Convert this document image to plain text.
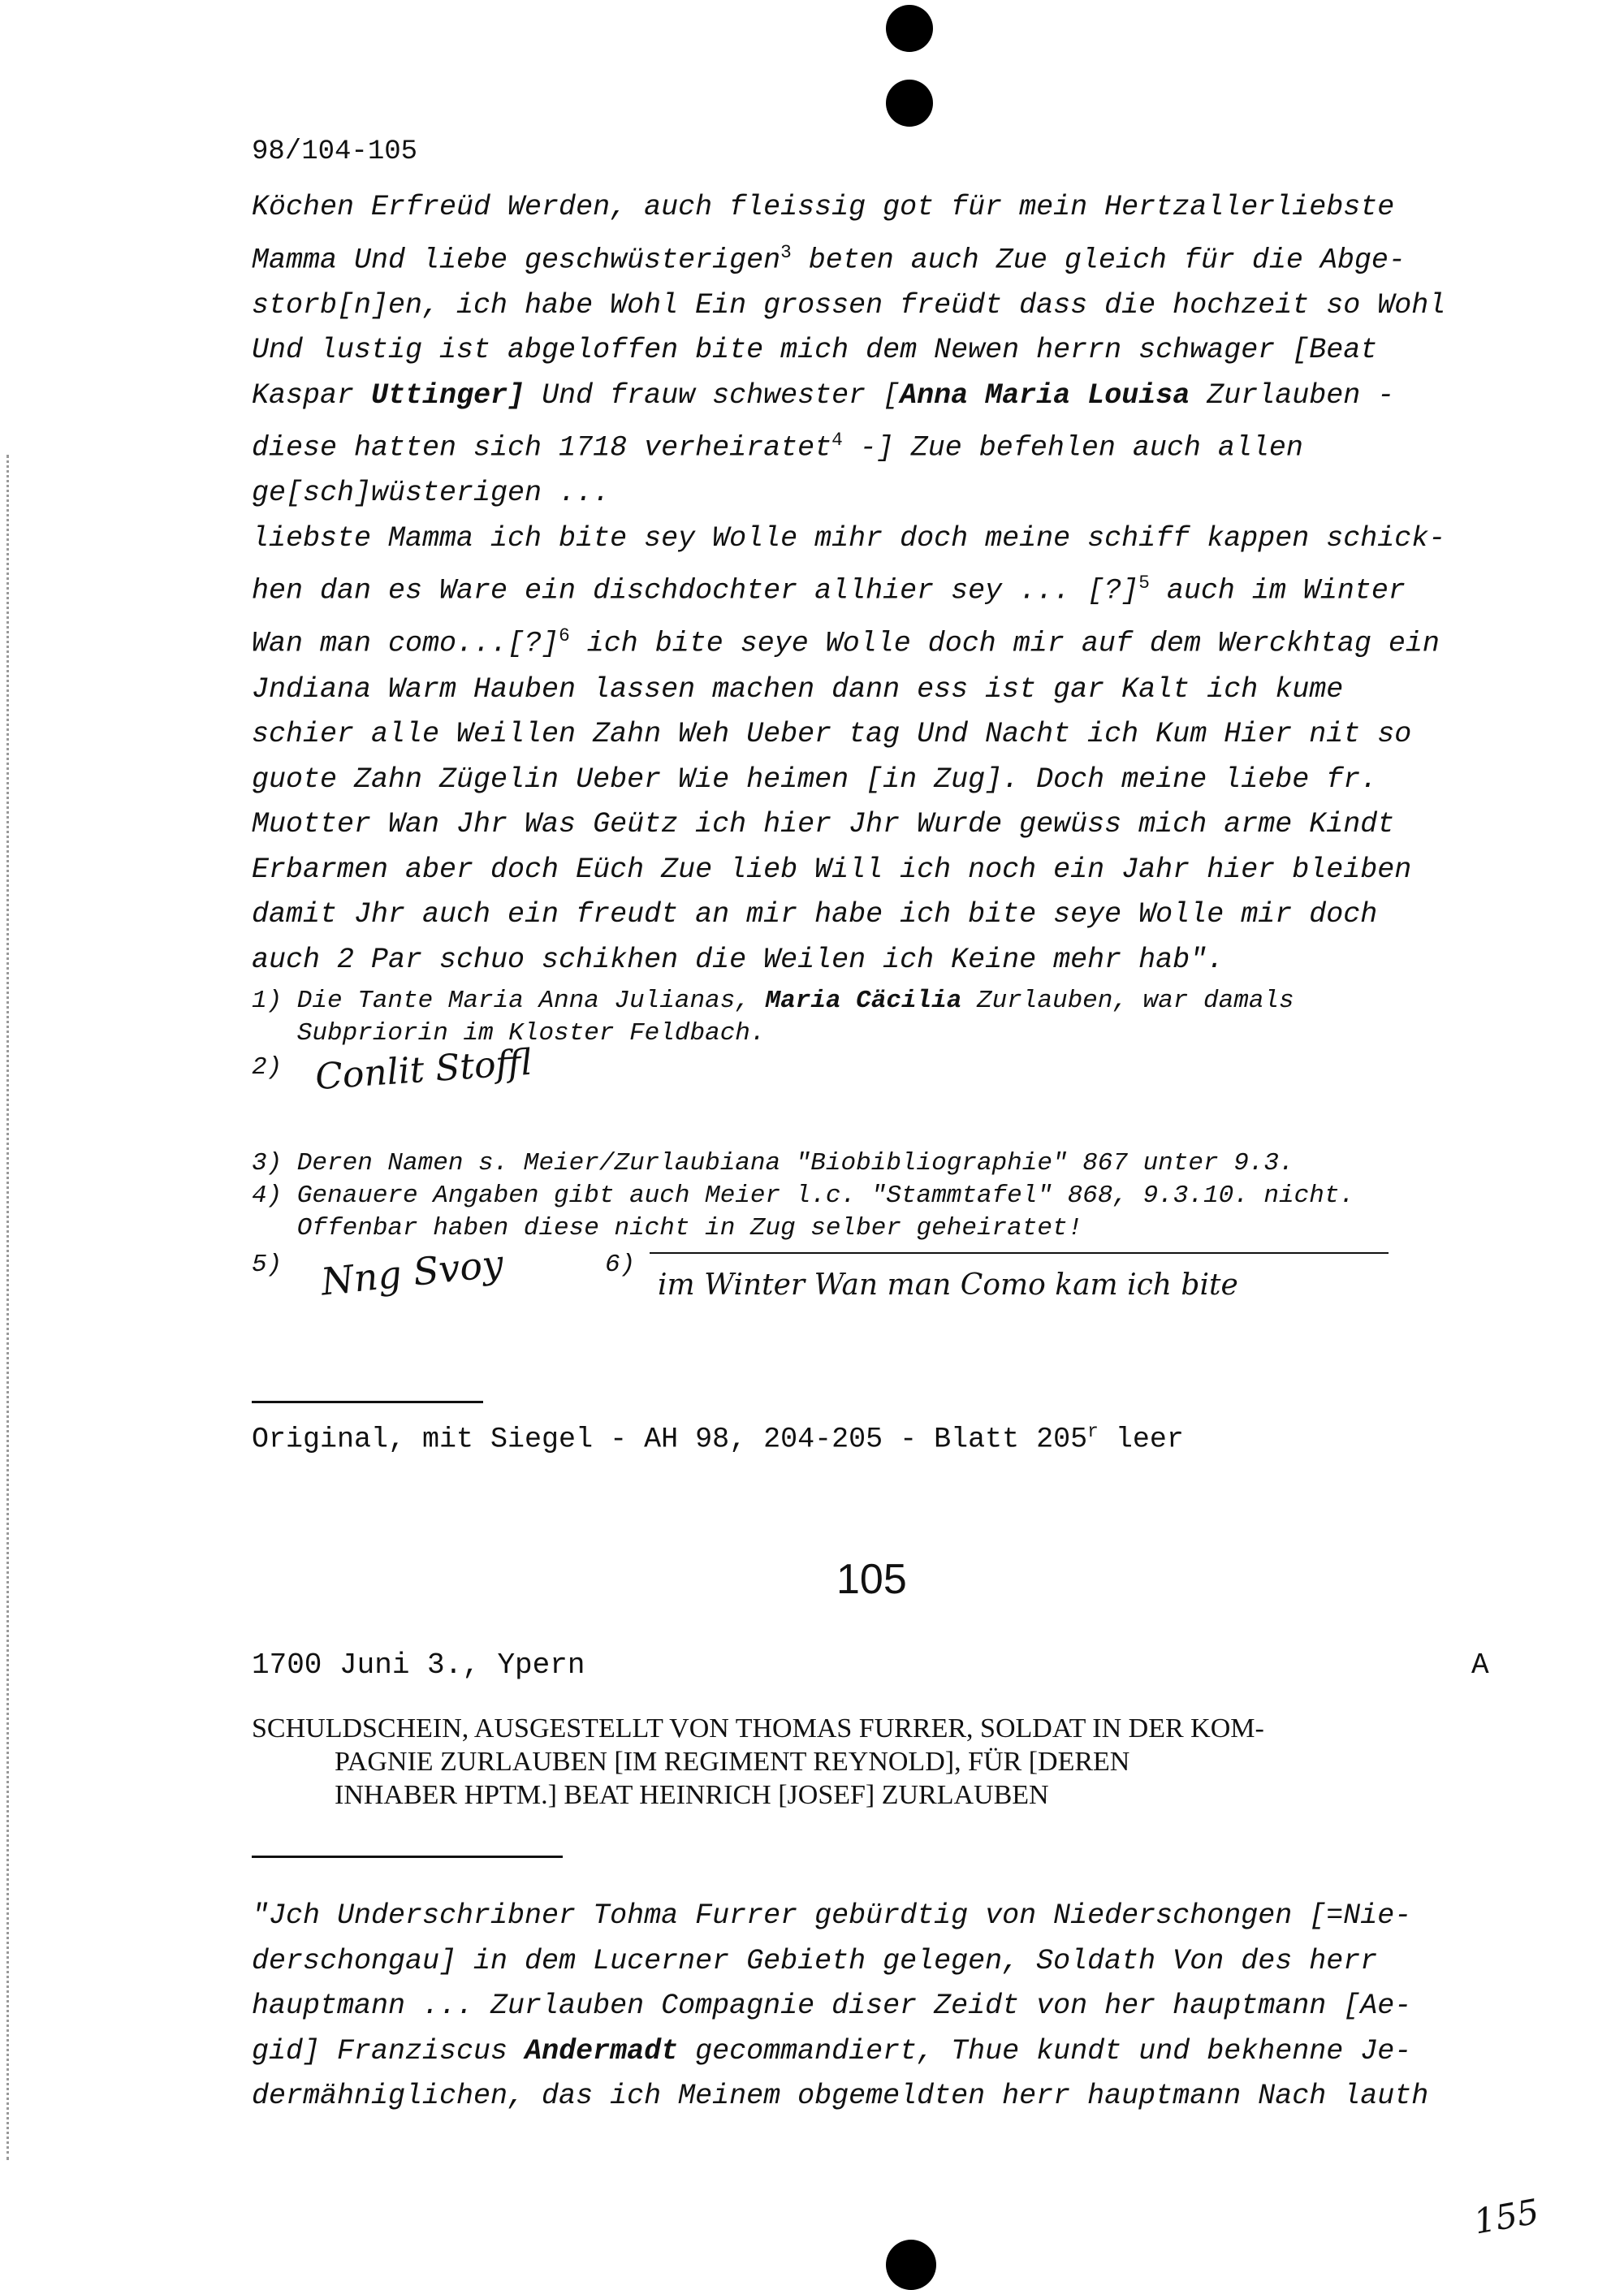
98/104-105
Köchen Erfreüd Werden, auch fleissig got für mein Hertzallerliebste
Mamma Und liebe geschwüsterigen$^3$ beten auch Zue gleich für die Abge-
storb[n]en, ich habe Wohl Ein grossen freüdt dass die hochzeit so Wohl
Und lustig ist abgeloffen bite mich dem Newen herrn schwager [Beat
Kaspar Uttinger] Und frauw schwester [Anna Maria Louisa Zurlauben -
diese hatten sich 1718 verheiratet$^4$ -] Zue befehlen auch allen
ge[sch]wüsterigen ...
liebste Mamma ich bite sey Wolle mihr doch meine schiff kappen schick-
hen dan es Ware ein dischdochter allhier sey ... [?]$^5$ auch im Winter
Wan man como...[?]$^6$ ich bite seye Wolle doch mir auf dem Werckhtag ein
Jndiana Warm Hauben lassen machen dann ess ist gar Kalt ich kume
schier alle Weillen Zahn Weh Ueber tag Und Nacht ich Kum Hier nit so
guote Zahn Zügelin Ueber Wie heimen [in Zug]. Doch meine liebe fr.
Muotter Wan Jhr Was Geütz ich hier Jhr Wurde gewüss mich arme Kindt
Erbarmen aber doch Eüch Zue lieb Will ich noch ein Jahr hier bleiben
damit Jhr auch ein freudt an mir habe ich bite seye Wolle mir doch
auch 2 Par schuo schikhen die Weilen ich Keine mehr hab".
1) Die Tante Maria Anna Julianas, Maria Cäcilia Zurlauben, war damals
Subpriorin im Kloster Feldbach.
2) Conlit Stoffl
3) Deren Namen s. Meier/Zurlaubiana "Biobibliographie" 867 unter 9.3.
4) Genauere Angaben gibt auch Meier l.c. "Stammtafel" 868, 9.3.10. nicht.
Offenbar haben diese nicht in Zug selber geheiratet!
5) Nng Svoy	6)
im Winter Wan man Como kam ich bite
Original, mit Siegel - AH 98, 204-205 - Blatt 205$^r$ leer
105
1700 Juni 3., Ypern	A
SCHULDSCHEIN, AUSGESTELLT VON THOMAS FURRER, SOLDAT IN DER KOM-
PAGNIE ZURLAUBEN [IM REGIMENT REYNOLD], FÜR [DEREN
INHABER HPTM.] BEAT HEINRICH [JOSEF] ZURLAUBEN
"Jch Underschribner Tohma Furrer gebürdtig von Niederschongen [=Nie-
derschongau] in dem Lucerner Gebieth gelegen, Soldath Von des herr
hauptmann ... Zurlauben Compagnie diser Zeidt von her hauptmann [Ae-
gid] Franziscus Andermadt gecommandiert, Thue kundt und bekhenne Je-
dermähniglichen, das ich Meinem obgemeldten herr hauptmann Nach lauth
155
